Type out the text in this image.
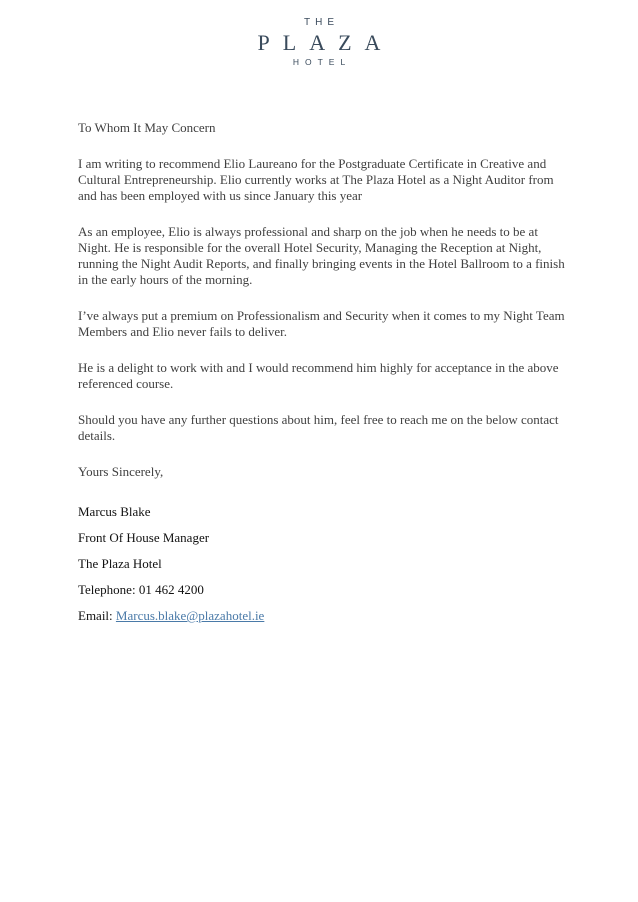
THE
PLAZA
HOTEL

To Whom It May Concern

I am writing to recommend Elio Laureano for the Postgraduate Certificate in Creative and Cultural Entrepreneurship. Elio currently works at The Plaza Hotel as a Night Auditor from and has been employed with us since January this year

As an employee, Elio is always professional and sharp on the job when he needs to be at Night. He is responsible for the overall Hotel Security, Managing the Reception at Night, running the Night Audit Reports, and finally bringing events in the Hotel Ballroom to a finish in the early hours of the morning.

I’ve always put a premium on Professionalism and Security when it comes to my Night Team Members and Elio never fails to deliver.

He is a delight to work with and I would recommend him highly for acceptance in the above referenced course.

Should you have any further questions about him, feel free to reach me on the below contact details.

Yours Sincerely,

Marcus Blake

Front Of House Manager

The Plaza Hotel

Telephone: 01 462 4200

Email: Marcus.blake@plazahotel.ie
